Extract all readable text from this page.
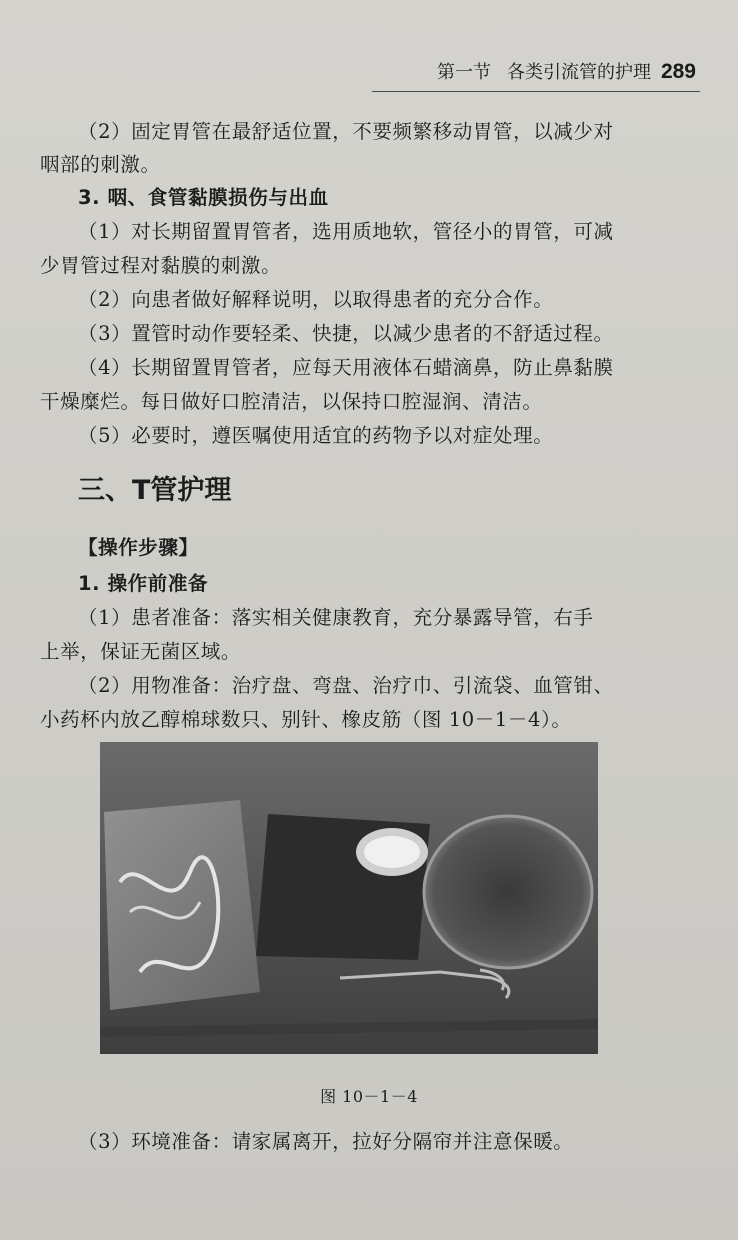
第一节 各类引流管的护理 289
（2）固定胃管在最舒适位置，不要频繁移动胃管，以减少对
咽部的刺激。
3. 咽、食管黏膜损伤与出血
（1）对长期留置胃管者，选用质地软，管径小的胃管，可减
少胃管过程对黏膜的刺激。
（2）向患者做好解释说明，以取得患者的充分合作。
（3）置管时动作要轻柔、快捷，以减少患者的不舒适过程。
（4）长期留置胃管者，应每天用液体石蜡滴鼻，防止鼻黏膜
干燥糜烂。每日做好口腔清洁，以保持口腔湿润、清洁。
（5）必要时，遵医嘱使用适宜的药物予以对症处理。
三、T管护理
【操作步骤】
1. 操作前准备
（1）患者准备：落实相关健康教育，充分暴露导管，右手
上举，保证无菌区域。
（2）用物准备：治疗盘、弯盘、治疗巾、引流袋、血管钳、
小药杯内放乙醇棉球数只、别针、橡皮筋（图 10－1－4）。
图 10－1－4
（3）环境准备：请家属离开，拉好分隔帘并注意保暖。
